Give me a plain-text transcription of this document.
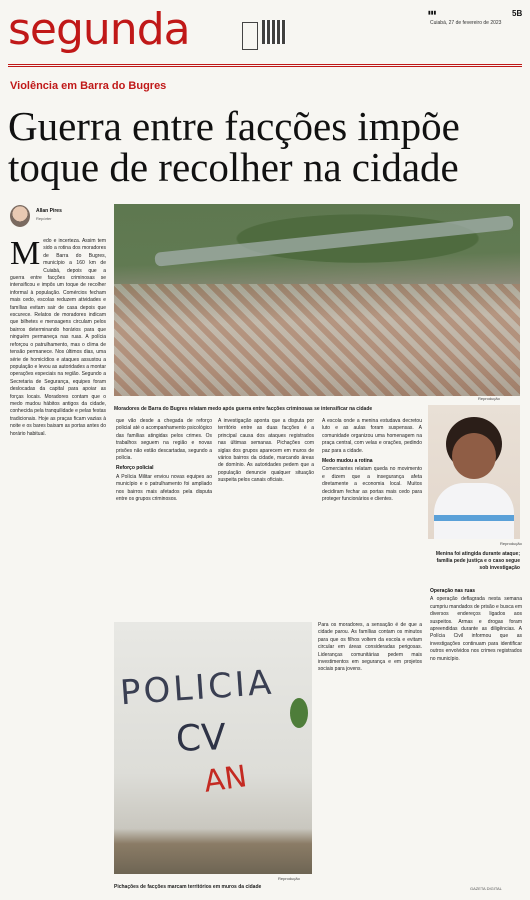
segunda	▮▮▮	5B
Cuiabá, 27 de fevereiro de 2023
Violência em Barra do Bugres
Guerra entre facções impõe toque de recolher na cidade
Allan Pires
Repórter
Reprodução
Moradores de Barra do Bugres relatam medo após guerra entre facções criminosas se intensificar na cidade
Reprodução
Menina foi atingida durante ataque; família pede justiça e o caso segue sob investigação
Medo e incerteza. Assim tem sido a rotina dos moradores de Barra do Bugres, município a 160 km de Cuiabá, depois que a guerra entre facções criminosas se intensificou e impôs um toque de recolher informal à população. Comércios fecham mais cedo, escolas reduzem atividades e famílias evitam sair de casa depois que escurece. Relatos de moradores indicam que bilhetes e mensagens circulam pelos bairros determinando horários para que ninguém permaneça nas ruas. A polícia reforçou o patrulhamento, mas o clima de tensão permanece. Nos últimos dias, uma série de homicídios e ataques assustou a população e levou as autoridades a montar operações especiais na região. Segundo a Secretaria de Segurança, equipes foram deslocadas da capital para apoiar as forças locais. Moradores contam que o medo mudou hábitos antigos da cidade, conhecida pela tranquilidade e pelas festas tradicionais. Hoje as praças ficam vazias à noite e os bares baixam as portas antes do horário habitual.
que vão desde a chegada de reforço policial até o acompanhamento psicológico das famílias atingidas pelos crimes. Os trabalhos seguem na região e novas prisões não estão descartadas, segundo a polícia.
Reforço policial
A Polícia Militar enviou novas equipes ao município e o patrulhamento foi ampliado nos bairros mais afetados pela disputa entre os grupos criminosos.
A investigação aponta que a disputa por território entre as duas facções é a principal causa dos ataques registrados nas últimas semanas. Pichações com siglas dos grupos aparecem em muros de vários bairros da cidade, marcando áreas de domínio. As autoridades pedem que a população denuncie qualquer situação suspeita pelos canais oficiais.
A escola onde a menina estudava decretou luto e as aulas foram suspensas. A comunidade organizou uma homenagem na praça central, com velas e orações, pedindo paz para a cidade.
Medo mudou a rotina
Comerciantes relatam queda no movimento e dizem que a insegurança afeta diretamente a economia local. Muitos decidiram fechar as portas mais cedo para proteger funcionários e clientes.
POLICIA
CV
AN
Reprodução
Pichações de facções marcam territórios em muros da cidade
Para os moradores, a sensação é de que a cidade parou. As famílias contam os minutos para que os filhos voltem da escola e evitam circular em áreas consideradas perigosas. Lideranças comunitárias pedem mais investimentos em segurança e em projetos sociais para jovens.
Operação nas ruas
A operação deflagrada nesta semana cumpriu mandados de prisão e busca em diversos endereços ligados aos suspeitos. Armas e drogas foram apreendidas durante as diligências. A Polícia Civil informou que as investigações continuam para identificar outros envolvidos nos crimes registrados no município.
GAZETA DIGITAL
